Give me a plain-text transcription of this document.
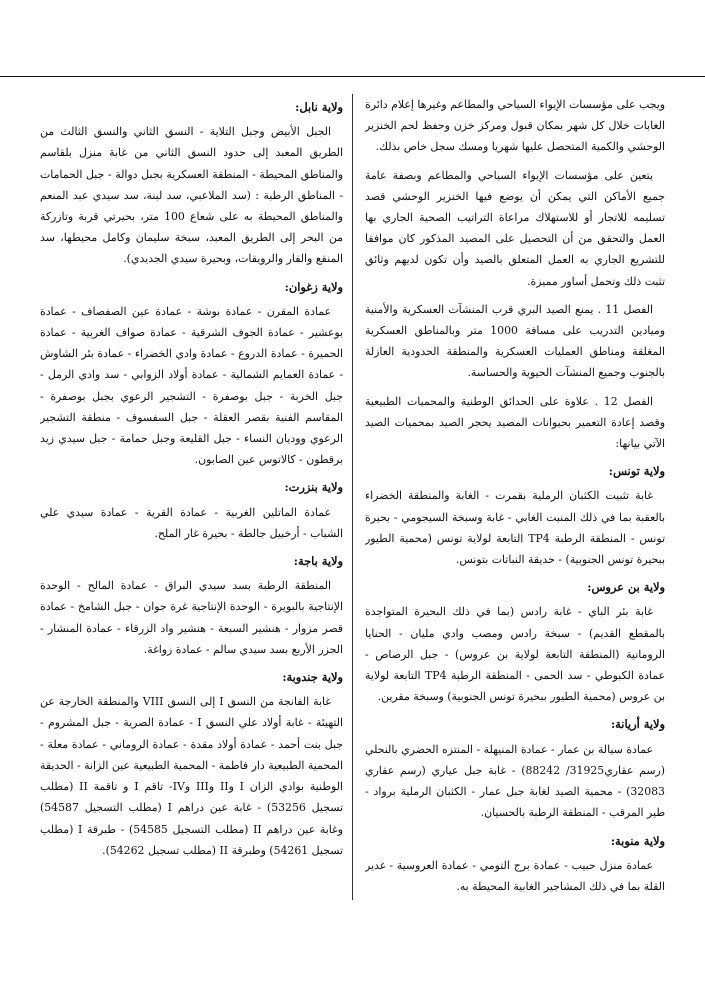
ويجب على مؤسسات الإيواء السياحي والمطاعم وغيرها إعلام دائرة الغابات خلال كل شهر بمكان قبول ومركز خزن وحفظ لحم الخنزير الوحشي والكمية المتحصل عليها شهريا ومسك سجل خاص بذلك.

يتعين على مؤسسات الإيواء السياحي والمطاعم وبصفة عامة جميع الأماكن التي يمكن أن يوضع فيها الخنزير الوحشي قصد تسليمه للاتجار أو للاستهلاك مراعاة التراتيب الصحية الجاري بها العمل والتحقق من أن التحصيل على المصيد المذكور كان موافقا للتشريع الجاري به العمل المتعلق بالصيد وأن تكون لديهم وثائق تثبت ذلك وتحمل أساور مميزة.

الفصل 11 . يمنع الصيد البري قرب المنشآت العسكرية والأمنية وميادين التدريب على مسافة 1000 متر وبالمناطق العسكرية المغلقة ومناطق العمليات العسكرية والمنطقة الحدودية العازلة بالجنوب وجميع المنشآت الحيوية والحساسة.

الفصل 12 . علاوة على الحدائق الوطنية والمحميات الطبيعية وقصد إعادة التعمير بحيوانات المصيد يحجر الصيد بمحميات الصيد الآتي بيانها:

ولاية تونس:

غابة تثبيت الكثبان الرملية بقمرت - الغابة والمنطقة الخضراء بالعقبة بما في ذلك المنبت الغابي - غابة وسبخة السيجومي - بحيرة تونس - المنطقة الرطبة TP4 التابعة لولاية تونس (محمية الطيور ببحيرة تونس الجنوبية) - حديقة النباتات بتونس.

ولاية بن عروس:

غابة بئر الباي - غابة رادس (بما في ذلك البحيرة المتواجدة بالمقطع القديم) - سبخة رادس ومصب وادي مليان - الحنايا الرومانية (المنطقة التابعة لولاية بن عروس) - جبل الرصاص - عمادة الكبوطي - سد الحمى - المنطقة الرطبة TP4 التابعة لولاية بن عروس (محمية الطيور ببحيرة تونس الجنوبية) وسبخة مقرين.

ولاية أريانة:

عمادة سيالة بن عمار - عمادة المنيهلة - المنتزه الحضري بالنحلي (رسم عقاري31925/ 88242) - غابة جبل عياري (رسم عقاري 32083) - محمية الصيد لغابة جبل عمار - الكثبان الرملية برواد - طير المرقب - المنطقة الرطبة بالحسيان.

ولاية منوبة:

عمادة منزل حبيب - عمادة برج التومي - عمادة العروسية - غدير القلة بما في ذلك المشاجير الغابية المحيطة به.

ولاية نابل:

الجبل الأبيض وجبل التلاية - النسق الثاني والنسق الثالث من الطريق المعبد إلى حدود النسق الثاني من غابة منزل بلقاسم والمناطق المحيطة - المنطقة العسكرية بجبل دوالة - جبل الحمامات - المناطق الرطبة : (سد الملاعبي، سد لبنة، سد سيدي عبد المنعم والمناطق المحيطة به على شعاع 100 متر، بحيرتي قربة وتازركة من البحر إلى الطريق المعبد، سبخة سليمان وكامل محيطها، سد المنقع والفار والرويقات، وبحيرة سيدي الجديدي).

ولاية زغوان:

عمادة المقرن - عمادة بوشة - عمادة عين الصفصاف - عمادة بوعشير - عمادة الجوف الشرقية - عمادة صواف الغربية - عمادة الحميرة - عمادة الدروع - عمادة وادي الخضراء - عمادة بئر الشاوش - عمادة العمايم الشمالية - عمادة أولاد الزوابي - سد وادي الرمل - جبل الخربة - جبل بوصفرة - التشجير الرعوي بجبل بوصفرة - المقاسم الفنية بقصر العقلة - جبل السفسوف - منطقة التشجير الرعوي ووديان النساء - جبل القليعة وجبل حمامة - جبل سيدي زيد برقطون - كالاتوس عين الصابون.

ولاية بنزرت:

عمادة الماتلين الغربية - عمادة القرية - عمادة سيدي علي الشباب - أرخبيل جالطة - بحيرة غار الملح.

ولاية باجة:

المنطقة الرطبة بسد سيدي البراق - عمادة المالح - الوحدة الإنتاجية بالبويرة - الوحدة الإنتاجية غرة جوان - جبل الشامخ - عمادة قصر مزوار - هنشير السبعة - هنشير واد الزرقاء - عمادة المنشار - الجزر الأربع بسد سيدي سالم - عمادة زواغة.

ولاية جندوبة:

غابة الفانجة من النسق I إلى النسق VIII والمنطقة الخارجة عن التهيئة - غابة أولاد علي النسق I - عمادة الصرية - جبل المشروم - جبل بنت أحمد - عمادة أولاد مقدة - عمادة الروماني - عمادة معلة - المحمية الطبيعية دار فاطمة - المحمية الطبيعية عين الزانة - الحديقة الوطنية بوادي الزان I وII وIII وIV- تاقم I و تاقمة II (مطلب تسجيل 53256) - غابة عين دراهم I (مطلب التسجيل 54587) وغابة عين دراهم II (مطلب التسجيل 54585) - طبرقة I (مطلب تسجيل 54261) وطبرقة II (مطلب تسجيل 54262).
